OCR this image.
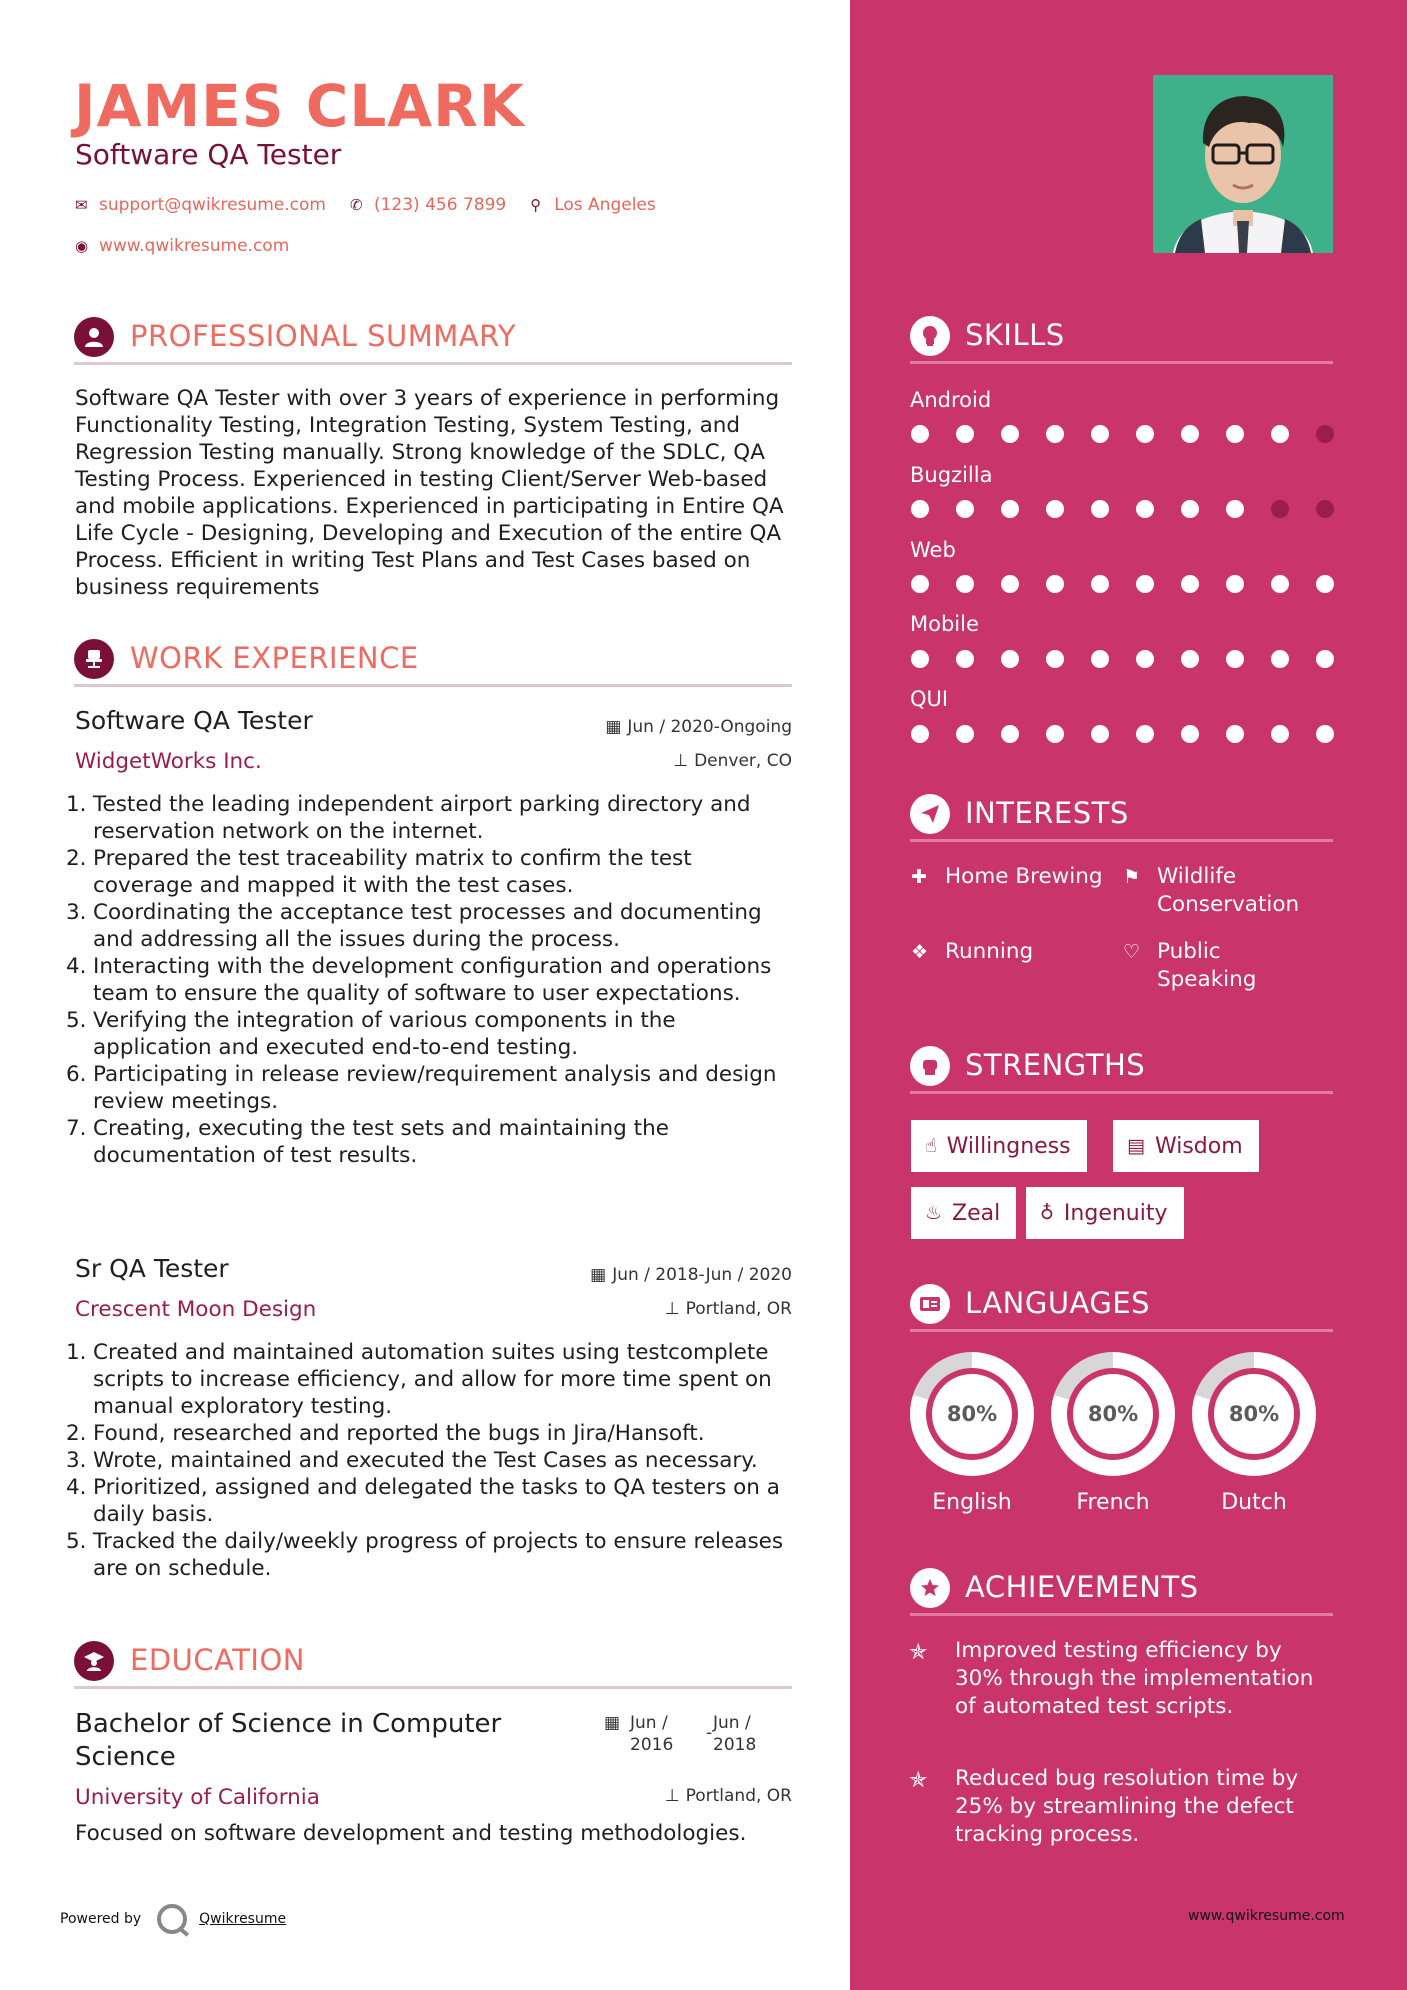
JAMES CLARK
Software QA Tester
✉ support@qwikresume.com ✆ (123) 456 7899 ⚲ Los Angeles
◉ www.qwikresume.com
PROFESSIONAL SUMMARY
Software QA Tester with over 3 years of experience in performing Functionality Testing, Integration Testing, System Testing, and Regression Testing manually. Strong knowledge of the SDLC, QA Testing Process. Experienced in testing Client/Server Web-based and mobile applications. Experienced in participating in Entire QA Life Cycle - Designing, Developing and Execution of the entire QA Process. Efficient in writing Test Plans and Test Cases based on business requirements
WORK EXPERIENCE
Software QA Tester	▦ Jun / 2020-Ongoing
WidgetWorks Inc.	⊥ Denver, CO
1. Tested the leading independent airport parking directory and reservation network on the internet.
2. Prepared the test traceability matrix to confirm the test coverage and mapped it with the test cases.
3. Coordinating the acceptance test processes and documenting and addressing all the issues during the process.
4. Interacting with the development configuration and operations team to ensure the quality of software to user expectations.
5. Verifying the integration of various components in the application and executed end-to-end testing.
6. Participating in release review/requirement analysis and design review meetings.
7. Creating, executing the test sets and maintaining the documentation of test results.
Sr QA Tester	▦ Jun / 2018-Jun / 2020
Crescent Moon Design	⊥ Portland, OR
1. Created and maintained automation suites using testcomplete scripts to increase efficiency, and allow for more time spent on manual exploratory testing.
2. Found, researched and reported the bugs in Jira/Hansoft.
3. Wrote, maintained and executed the Test Cases as necessary.
4. Prioritized, assigned and delegated the tasks to QA testers on a daily basis.
5. Tracked the daily/weekly progress of projects to ensure releases are on schedule.
EDUCATION
Bachelor of Science in Computer Science
▦ Jun / 2016
- Jun / 2018
University of California	⊥ Portland, OR
Focused on software development and testing methodologies.
Powered by	Qwikresume
SKILLS
Android
Bugzilla
Web
Mobile
QUI
INTERESTS
✚ Home Brewing	⚑ Wildlife Conservation
❖ Running	♡ Public Speaking
STRENGTHS
☝ Willingness	▤ Wisdom
♨ Zeal ♁ Ingenuity
LANGUAGES
80%
English
80%
French
80%
Dutch
ACHIEVEMENTS
✯ Improved testing efficiency by 30% through the implementation of automated test scripts.
✯ Reduced bug resolution time by 25% by streamlining the defect tracking process.
www.qwikresume.com
